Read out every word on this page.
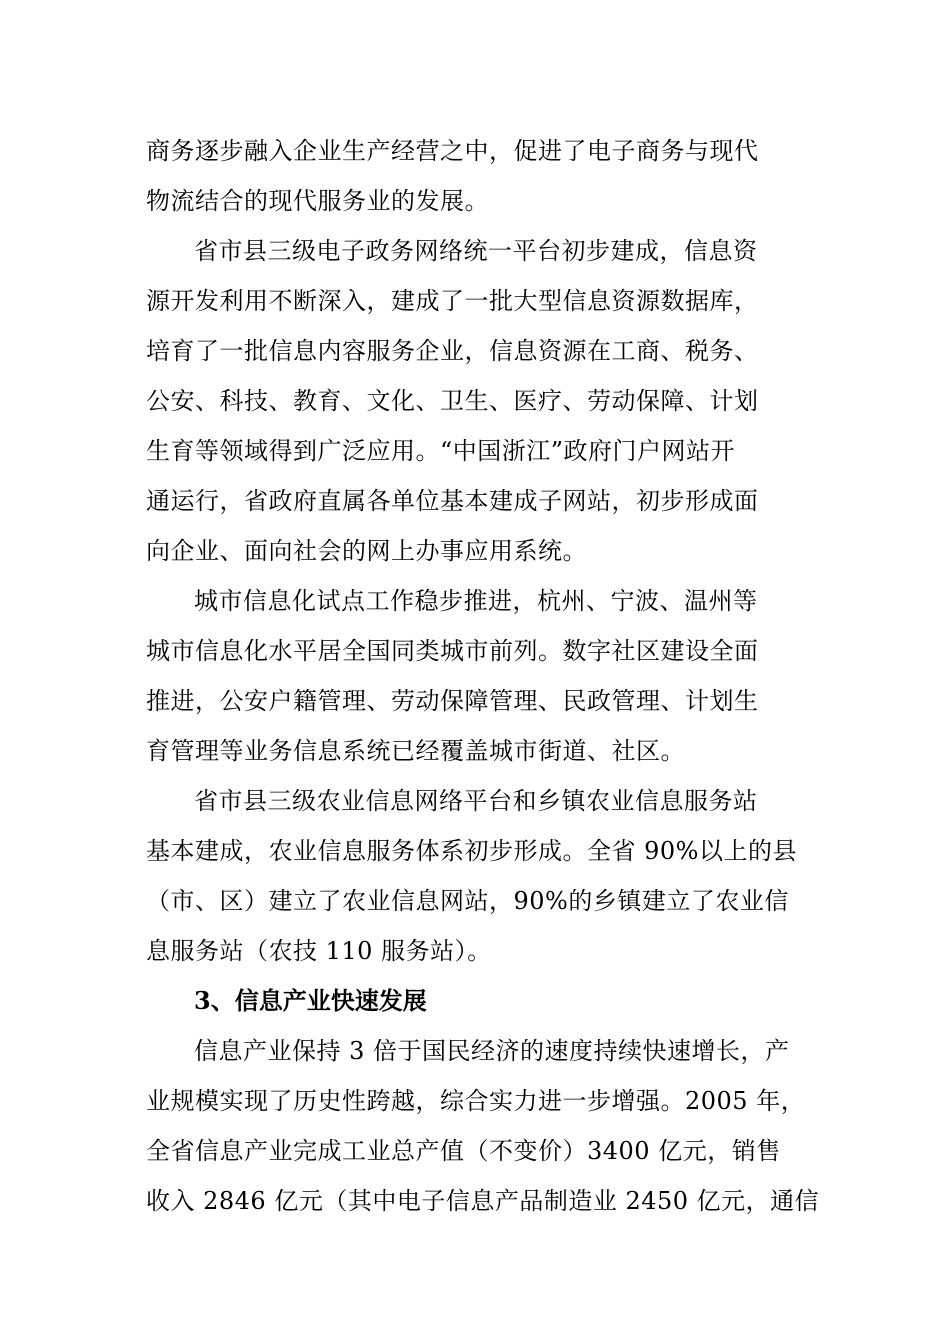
商务逐步融入企业生产经营之中，促进了电子商务与现代
物流结合的现代服务业的发展。
省市县三级电子政务网络统一平台初步建成，信息资
源开发利用不断深入，建成了一批大型信息资源数据库，
培育了一批信息内容服务企业，信息资源在工商、税务、
公安、科技、教育、文化、卫生、医疗、劳动保障、计划
生育等领域得到广泛应用。“中国浙江”政府门户网站开
通运行，省政府直属各单位基本建成子网站，初步形成面
向企业、面向社会的网上办事应用系统。
城市信息化试点工作稳步推进，杭州、宁波、温州等
城市信息化水平居全国同类城市前列。数字社区建设全面
推进，公安户籍管理、劳动保障管理、民政管理、计划生
育管理等业务信息系统已经覆盖城市街道、社区。
省市县三级农业信息网络平台和乡镇农业信息服务站
基本建成，农业信息服务体系初步形成。全省 90%以上的县
（市、区）建立了农业信息网站，90%的乡镇建立了农业信
息服务站（农技 110 服务站）。
3、信息产业快速发展
信息产业保持 3 倍于国民经济的速度持续快速增长，产
业规模实现了历史性跨越，综合实力进一步增强。2005 年，
全省信息产业完成工业总产值（不变价）3400 亿元，销售
收入 2846 亿元（其中电子信息产品制造业 2450 亿元，通信
